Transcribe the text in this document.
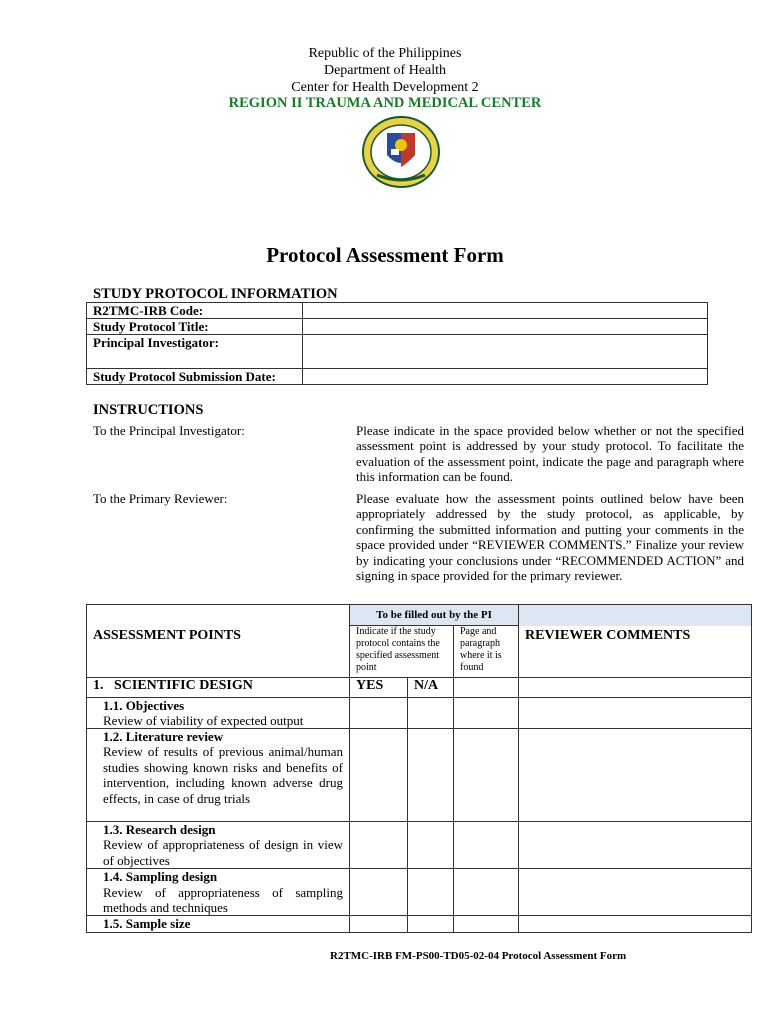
Republic of the Philippines
Department of Health
Center for Health Development 2
REGION II TRAUMA AND MEDICAL CENTER
Protocol Assessment Form
STUDY PROTOCOL INFORMATION
R2TMC-IRB Code:	
Study Protocol Title:	
Principal Investigator:	
Study Protocol Submission Date:	
INSTRUCTIONS
To the Principal Investigator:	Please indicate in the space provided below whether or not the specified assessment point is addressed by your study protocol. To facilitate the evaluation of the assessment point, indicate the page and paragraph where this information can be found.
To the Primary Reviewer:	Please evaluate how the assessment points outlined below have been appropriately addressed by the study protocol, as applicable, by confirming the submitted information and putting your comments in the space provided under “REVIEWER COMMENTS.” Finalize your review by indicating your conclusions under “RECOMMENDED ACTION” and signing in space provided for the primary reviewer.
	To be filled out by the PI			
ASSESSMENT POINTS	Indicate if the study protocol contains the specified assessment point		Page and paragraph where it is found	REVIEWER COMMENTS
1.   SCIENTIFIC DESIGN	YES	N/A		

1.1. Objectives
Review of viability of expected output				

1.2. Literature review
Review of results of previous animal/human studies showing known risks and benefits of intervention, including known adverse drug effects, in case of drug trials				

1.3. Research design
Review of appropriateness of design in view of objectives				

1.4. Sampling design
Review of appropriateness of sampling methods and techniques				

1.5. Sample size				

R2TMC-IRB FM-PS00-TD05-02-04 Protocol Assessment Form
